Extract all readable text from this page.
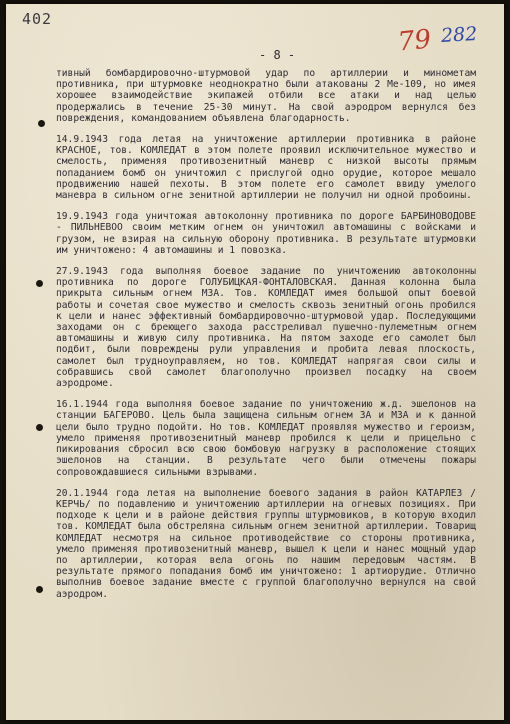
402
79 282
- 8 -

тивный бомбардировочно-штурмовой удар по артиллерии и минометам противника, при штурмовке неоднократно были атакованы 2 Ме-109, но имея хорошее взаимодействие экипажей отбили все атаки и над целью продержались в течение 25-30 минут. На свой аэродром вернулся без повреждения, командованием объявлена благодарность.

14.9.1943 года летая на уничтожение артиллерии противника в районе КРАСНОЕ, тов. КОМЛЕДАТ в этом полете проявил исключительное мужество и смелость, применяя противозенитный маневр с низкой высоты прямым попаданием бомб он уничтожил с прислугой одно орудие, которое мешало продвижению нашей пехоты. В этом полете его самолет ввиду умелого маневра в сильном огне зенитной артиллерии не получил ни одной пробоины.

19.9.1943 года уничтожая автоколонну противника по дороге БАРБИНОВОДОВЕ - ПИЛЬНЕВОО своим метким огнем он уничтожил автомашины с войсками и грузом, не взирая на сильную оборону противника. В результате штурмовки им уничтожено: 4 автомашины и 1 повозка.

27.9.1943 года выполняя боевое задание по уничтожению автоколонны противника по дороге ГОЛУБИЦКАЯ-ФОНТАЛОВСКАЯ. Данная колонна была прикрыта сильным огнем МЗА. Тов. КОМЛЕДАТ имея большой опыт боевой работы и сочетая свое мужество и смелость сквозь зенитный огонь пробился к цели и нанес эффективный бомбардировочно-штурмовой удар. Последующими заходами он с бреющего захода расстреливал пушечно-пулеметным огнем автомашины и живую силу противника. На пятом заходе его самолет был подбит, были повреждены рули управления и пробита левая плоскость, самолет был трудноуправляем, но тов. КОМЛЕДАТ напрягая свои силы и собравшись свой самолет благополучно произвел посадку на своем аэродроме.

16.1.1944 года выполняя боевое задание по уничтожению ж.д. эшелонов на станции БАГЕРОВО. Цель была защищена сильным огнем ЗА и МЗА и к данной цели было трудно подойти. Но тов. КОМЛЕДАТ проявляя мужество и героизм, умело применяя противозенитный маневр пробился к цели и прицельно с пикирования сбросил всю свою бомбовую нагрузку в расположение стоящих эшелонов на станции. В результате чего были отмечены пожары сопровождавшиеся сильными взрывами.

20.1.1944 года летая на выполнение боевого задания в район КАТАРЛЕЗ /КЕРЧЬ/ по подавлению и уничтожению артиллерии на огневых позициях. При подходе к цели и в районе действия группы штурмовиков, в которую входил тов. КОМЛЕДАТ была обстреляна сильным огнем зенитной артиллерии. Товарищ КОМЛЕДАТ несмотря на сильное противодействие со стороны противника, умело применяя противозенитный маневр, вышел к цели и нанес мощный удар по артиллерии, которая вела огонь по нашим передовым частям. В результате прямого попадания бомб им уничтожено: 1 артиорудие. Отлично выполнив боевое задание вместе с группой благополучно вернулся на свой аэродром.
